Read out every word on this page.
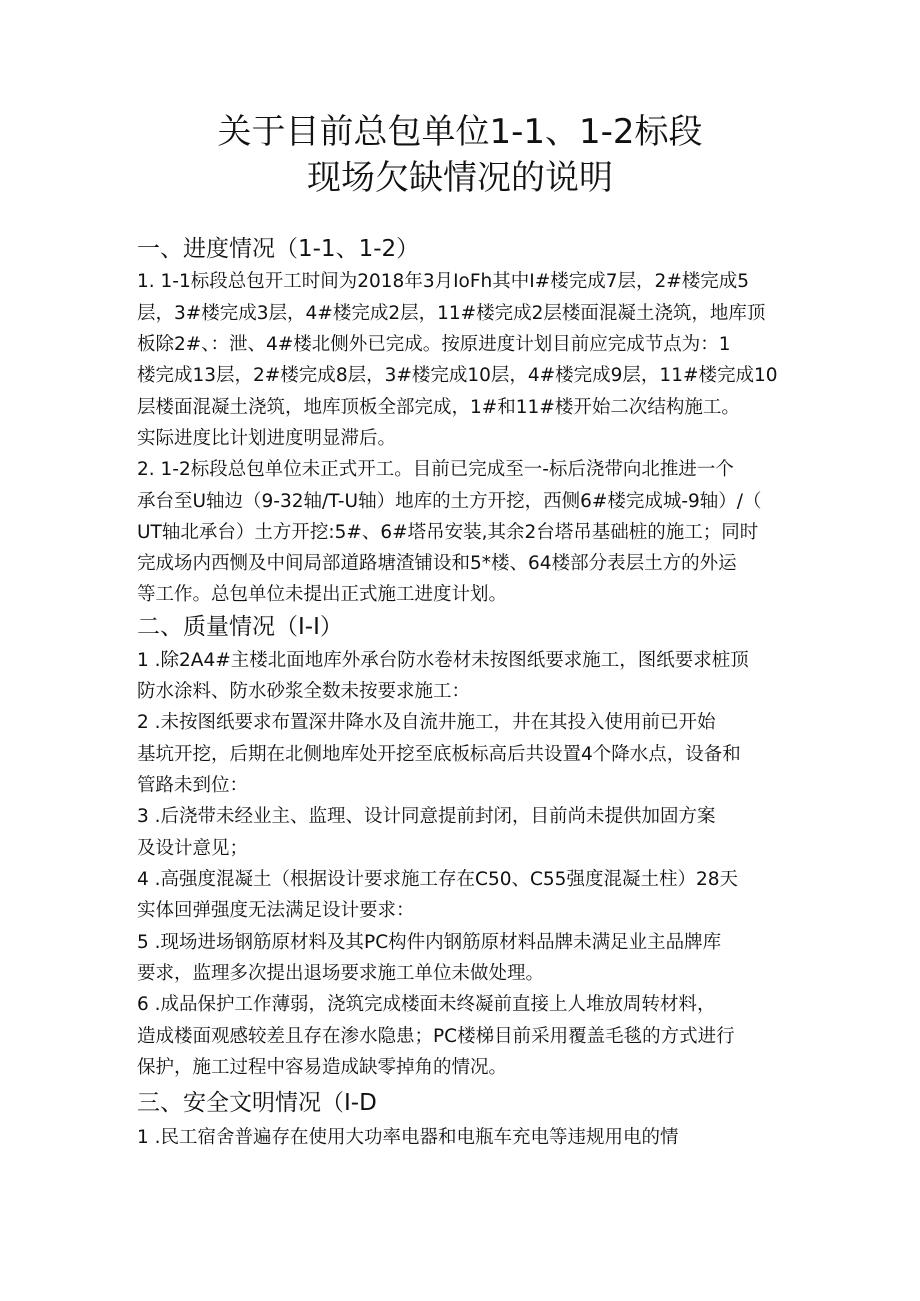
关于目前总包单位1-1、1-2标段
现场欠缺情况的说明
一、进度情况（1-1、1-2）
1. 1-1标段总包开工时间为2018年3月IoFh其中I#楼完成7层，2#楼完成5
层，3#楼完成3层，4#楼完成2层，11#楼完成2层楼面混凝土浇筑，地库顶
板除2#、：泄、4#楼北侧外已完成。按原进度计划目前应完成节点为：1
楼完成13层，2#楼完成8层，3#楼完成10层，4#楼完成9层，11#楼完成10
层楼面混凝土浇筑，地库顶板全部完成，1#和11#楼开始二次结构施工。
实际进度比计划进度明显滞后。
2. 1-2标段总包单位未正式开工。目前已完成至一-标后浇带向北推进一个
承台至U轴边（9-32轴/T-U轴）地库的土方开挖，西侧6#楼完成城-9轴）/（
UT轴北承台）土方开挖:5#、6#塔吊安装,其余2台塔吊基础桩的施工；同时
完成场内西恻及中间局部道路塘渣铺设和5*楼、64楼部分表层土方的外运
等工作。总包单位未提出正式施工进度计划。
二、质量情况（I-I）
1 .除2A4#主楼北面地库外承台防水卷材未按图纸要求施工，图纸要求桩顶
防水涂料、防水砂浆全数未按要求施工：
2 .未按图纸要求布置深井降水及自流井施工，井在其投入使用前已开始
基坑开挖，后期在北侧地库处开挖至底板标高后共设置4个降水点，设备和
管路未到位：
3 .后浇带未经业主、监理、设计同意提前封闭，目前尚未提供加固方案
及设计意见；
4 .高强度混凝土（根据设计要求施工存在C50、C55强度混凝土柱）28天
实体回弹强度无法满足设计要求：
5 .现场进场钢筋原材料及其PC构件内钢筋原材料品牌未满足业主品牌库
要求，监理多次提出退场要求施工单位未做处理。
6 .成品保护工作薄弱，浇筑完成楼面未终凝前直接上人堆放周转材料，
造成楼面观感较差且存在渗水隐患；PC楼梯目前采用覆盖毛毯的方式进行
保护，施工过程中容易造成缺零掉角的情况。
三、安全文明情况（I-D
1 .民工宿舍普遍存在使用大功率电器和电瓶车充电等违规用电的情
